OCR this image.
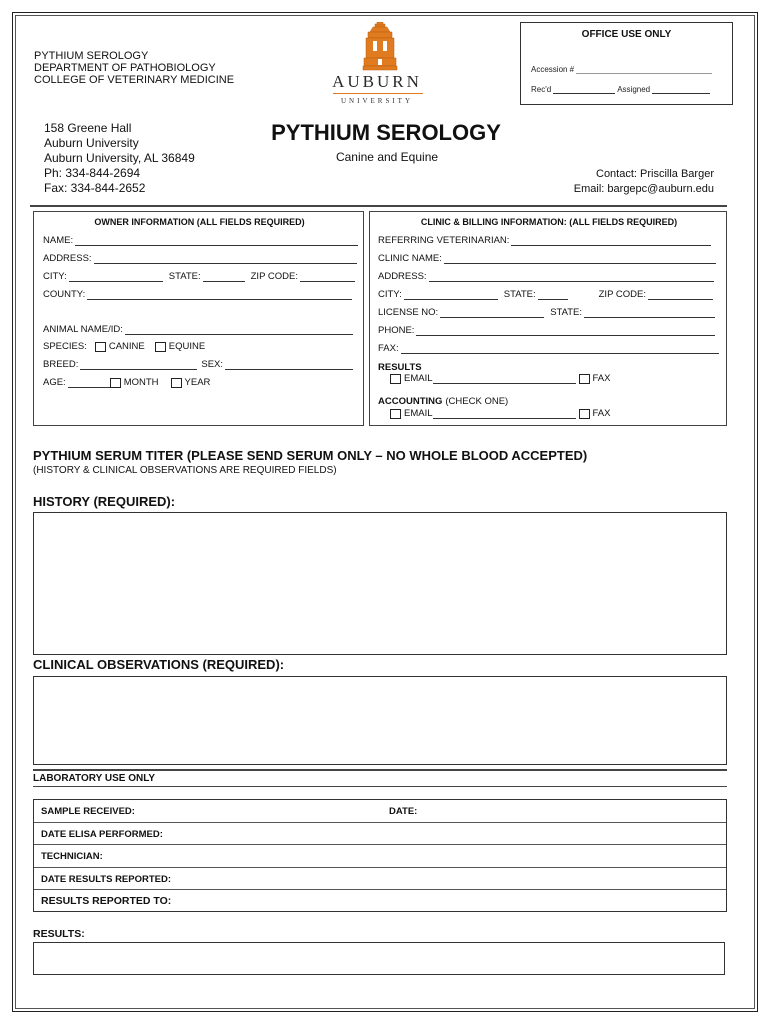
PYTHIUM SEROLOGY
DEPARTMENT OF PATHOBIOLOGY
COLLEGE OF VETERINARY MEDICINE	AUBURN
UNIVERSITY
OFFICE USE ONLY
Accession #
Rec'd	Assigned
158 Greene Hall
Auburn University
Auburn University, AL 36849
Ph: 334-844-2694
Fax: 334-844-2652
PYTHIUM SEROLOGY
Canine and Equine
Contact: Priscilla Barger
Email: bargepc@auburn.edu
OWNER INFORMATION (ALL FIELDS REQUIRED)
NAME:
ADDRESS:
CITY:	STATE:	ZIP CODE:
COUNTY:
ANIMAL NAME/ID:
SPECIES:	CANINE	EQUINE
BREED:	SEX:
AGE:	MONTH	YEAR
CLINIC & BILLING INFORMATION: (ALL FIELDS REQUIRED)
REFERRING VETERINARIAN:
CLINIC NAME:
ADDRESS:
CITY:	STATE:	ZIP CODE:
LICENSE NO:	STATE:
PHONE:
FAX:
RESULTS
EMAIL	FAX
ACCOUNTING (CHECK ONE)
EMAIL	FAX
PYTHIUM SERUM TITER (PLEASE SEND SERUM ONLY – NO WHOLE BLOOD ACCEPTED)
(HISTORY & CLINICAL OBSERVATIONS ARE REQUIRED FIELDS)
HISTORY (REQUIRED):
CLINICAL OBSERVATIONS (REQUIRED):
LABORATORY USE ONLY
SAMPLE RECEIVED:	DATE:
DATE ELISA PERFORMED:
TECHNICIAN:
DATE RESULTS REPORTED:
RESULTS REPORTED TO:
RESULTS:
